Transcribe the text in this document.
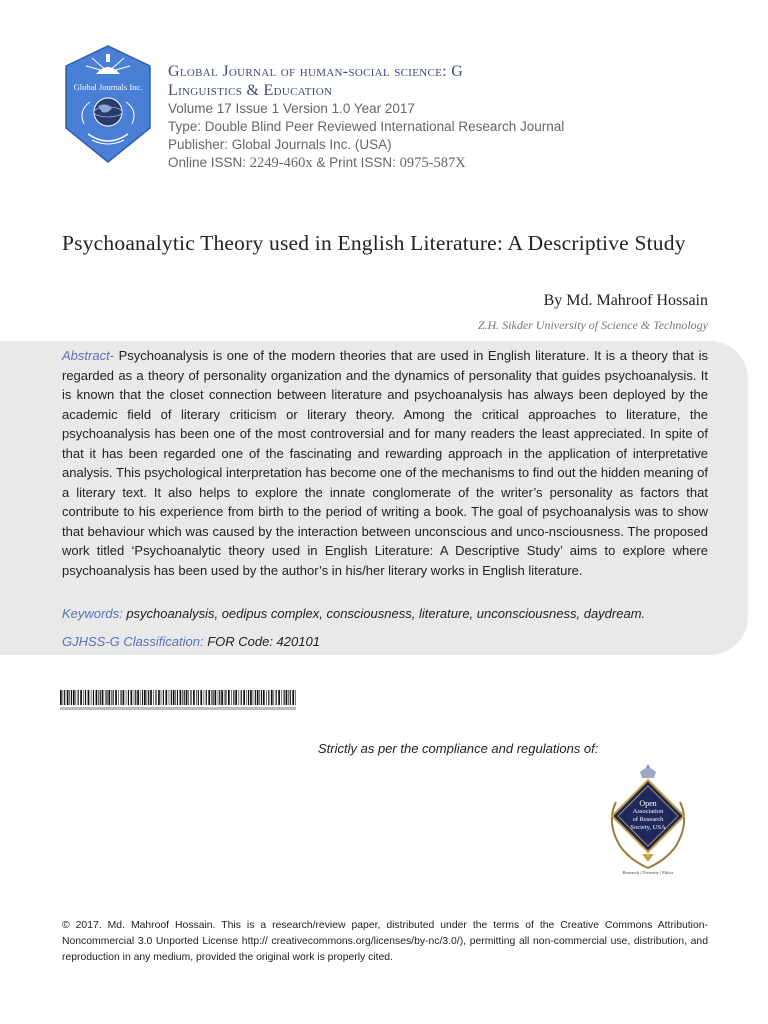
Global Journals Inc.
Global Journal of human-social science: G
Linguistics & Education
Volume 17 Issue 1 Version 1.0 Year 2017
Type: Double Blind Peer Reviewed International Research Journal
Publisher: Global Journals Inc. (USA)
Online ISSN: 2249-460x & Print ISSN: 0975-587X
Psychoanalytic Theory used in English Literature: A Descriptive Study
By Md. Mahroof Hossain
Z.H. Sikder University of Science & Technology
Abstract- Psychoanalysis is one of the modern theories that are used in English literature. It is a theory that is regarded as a theory of personality organization and the dynamics of personality that guides psychoanalysis. It is known that the closet connection between literature and psychoanalysis has always been deployed by the academic field of literary criticism or literary theory. Among the critical approaches to literature, the psychoanalysis has been one of the most controversial and for many readers the least appreciated. In spite of that it has been regarded one of the fascinating and rewarding approach in the application of interpretative analysis. This psychological interpretation has become one of the mechanisms to find out the hidden meaning of a literary text. It also helps to explore the innate conglomerate of the writer’s personality as factors that contribute to his experience from birth to the period of writing a book. The goal of psychoanalysis was to show that behaviour which was caused by the interaction between unconscious and unco-nsciousness. The proposed work titled ‘Psychoanalytic theory used in English Literature: A Descriptive Study’ aims to explore where psychoanalysis has been used by the author’s in his/her literary works in English literature.
Keywords: psychoanalysis, oedipus complex, consciousness, literature, unconsciousness, daydream.
GJHSS-G Classification: FOR Code: 420101
Strictly as per the compliance and regulations of:
Open
Association
of Research
Society, USA
Research | Diversity | Ethics
© 2017. Md. Mahroof Hossain. This is a research/review paper, distributed under the terms of the Creative Commons Attribution-Noncommercial 3.0 Unported License http:// creativecommons.org/licenses/by-nc/3.0/), permitting all non-commercial use, distribution, and reproduction in any medium, provided the original work is properly cited.
